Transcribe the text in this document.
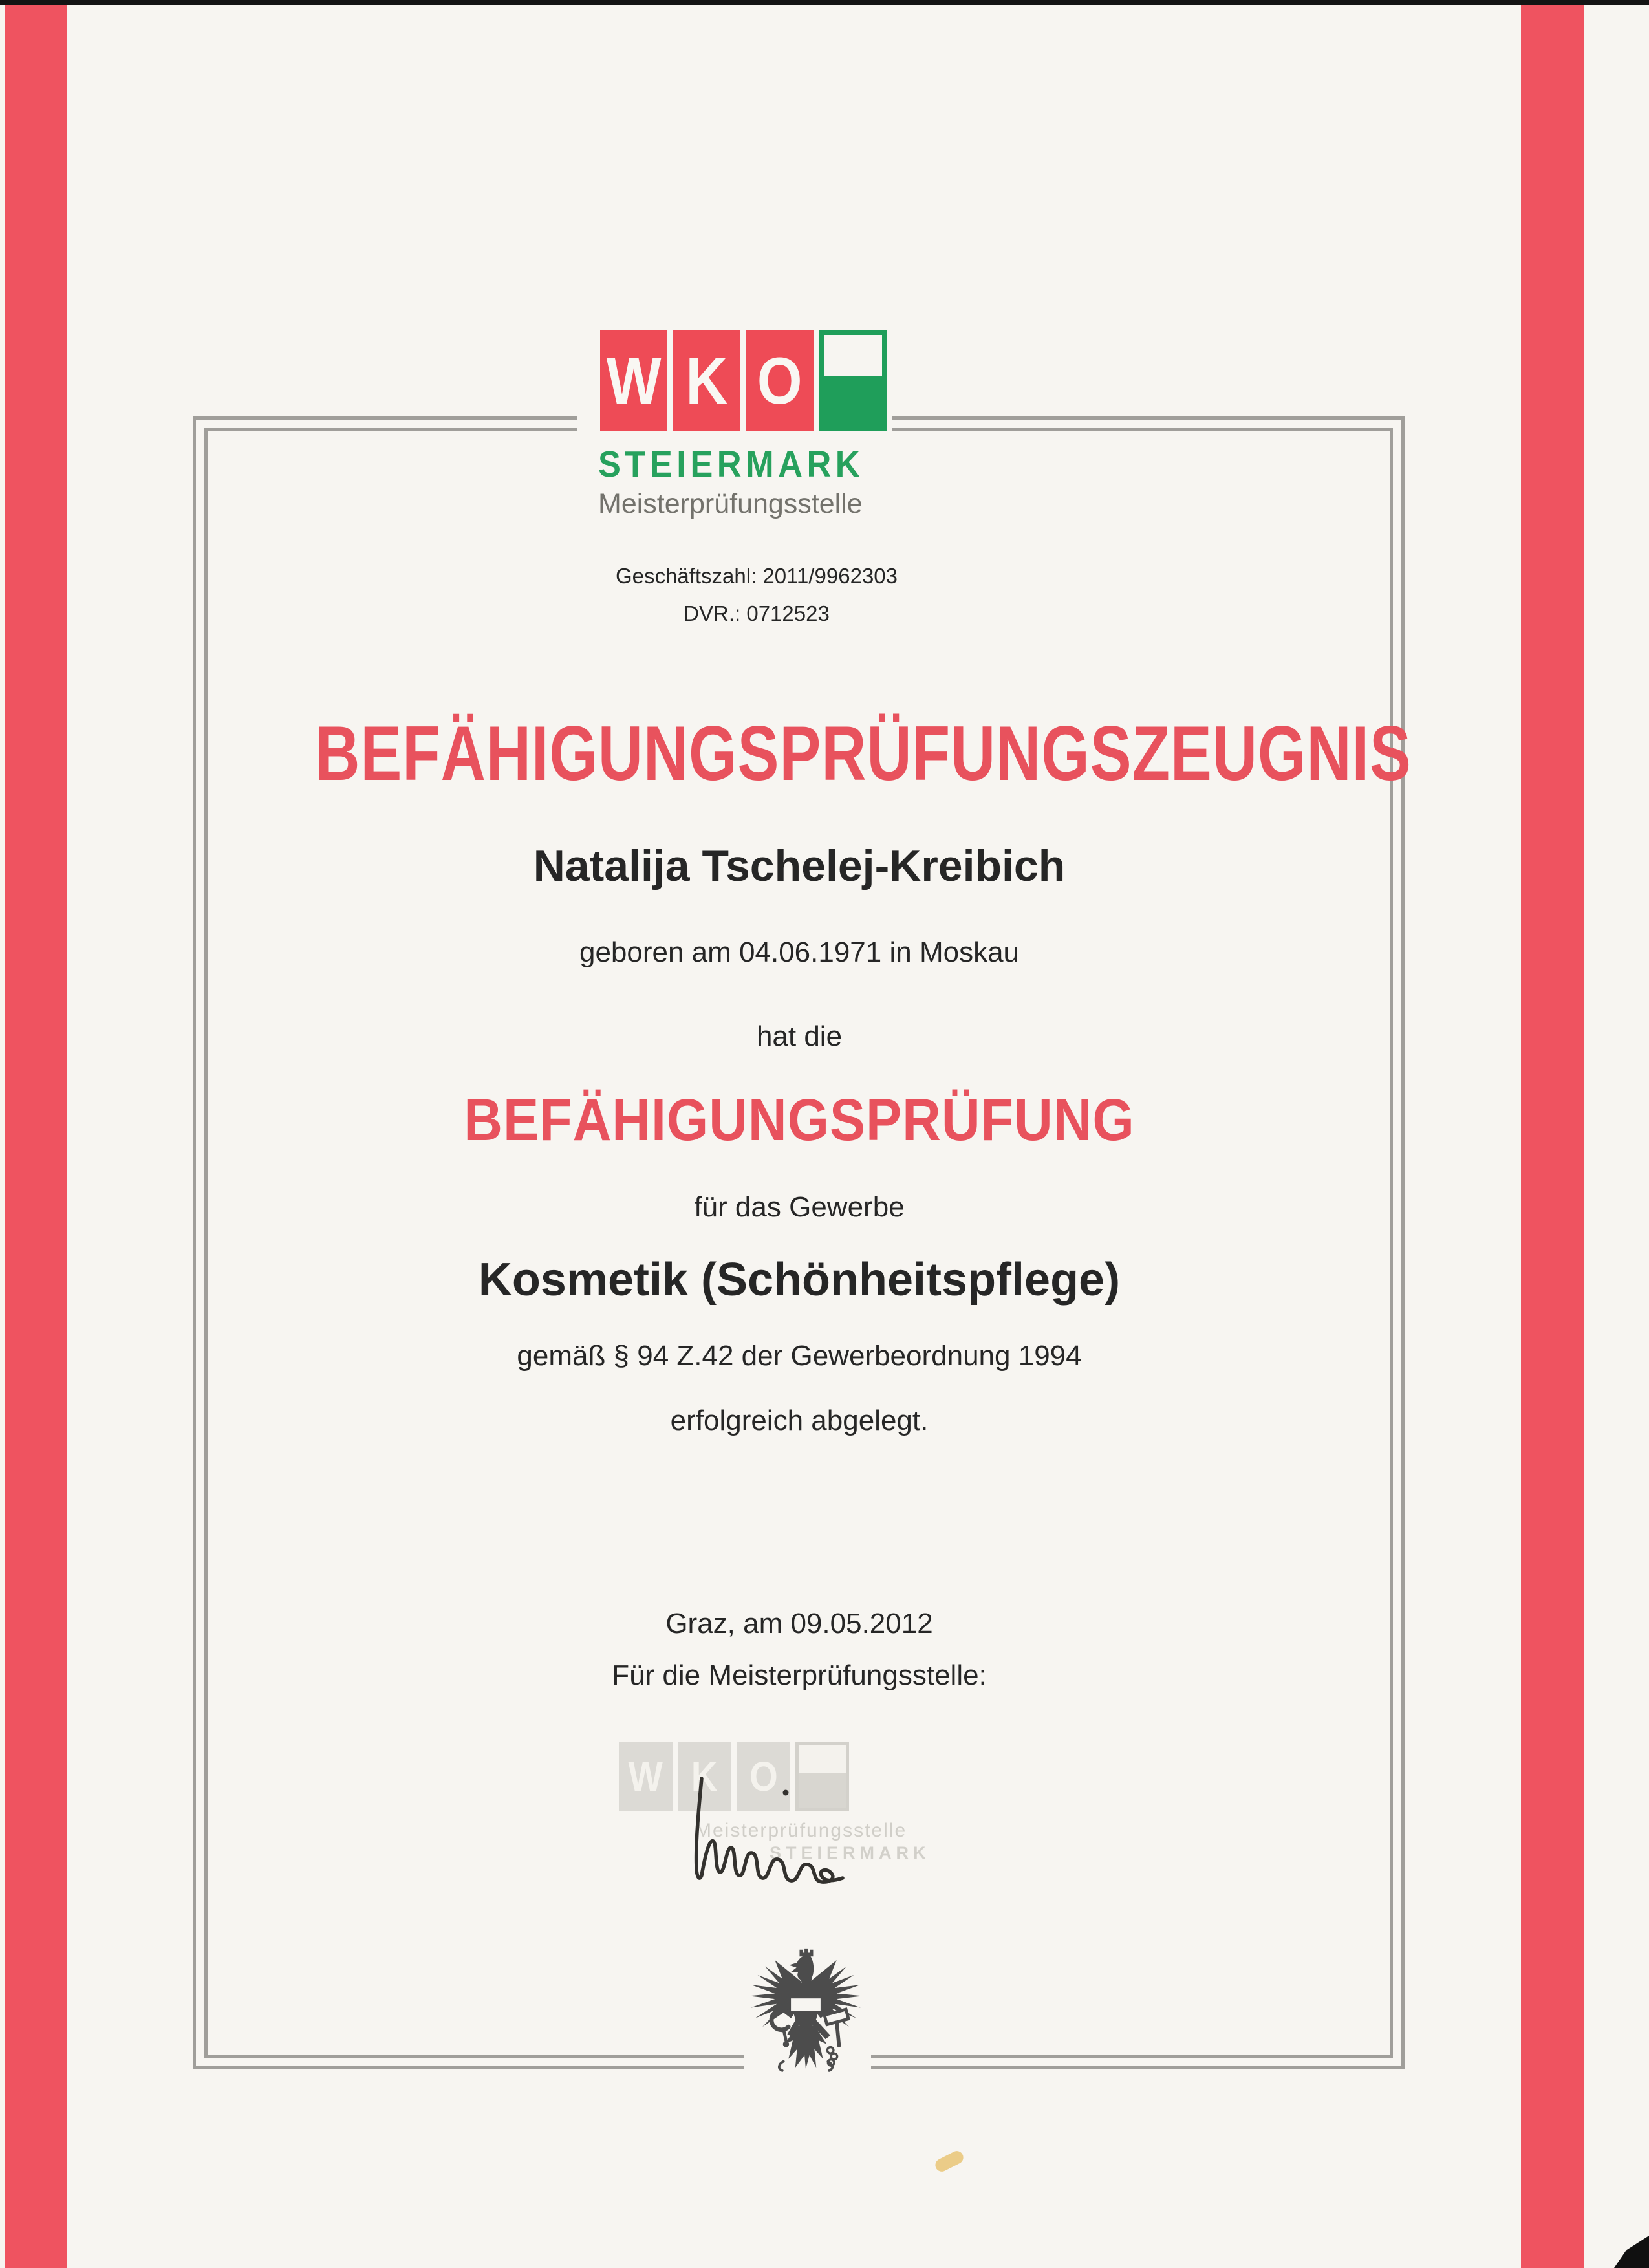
W K O
STEIERMARK
Meisterprüfungsstelle
Geschäftszahl: 2011/9962303
DVR.: 0712523
BEFÄHIGUNGSPRÜFUNGSZEUGNIS
Natalija Tschelej-Kreibich
geboren am 04.06.1971 in Moskau
hat die
BEFÄHIGUNGSPRÜFUNG
für das Gewerbe
Kosmetik (Schönheitspflege)
gemäß § 94 Z.42 der Gewerbeordnung 1994
erfolgreich abgelegt.
Graz, am 09.05.2012
Für die Meisterprüfungsstelle:
W K O
Meisterprüfungsstelle
STEIERMARK
